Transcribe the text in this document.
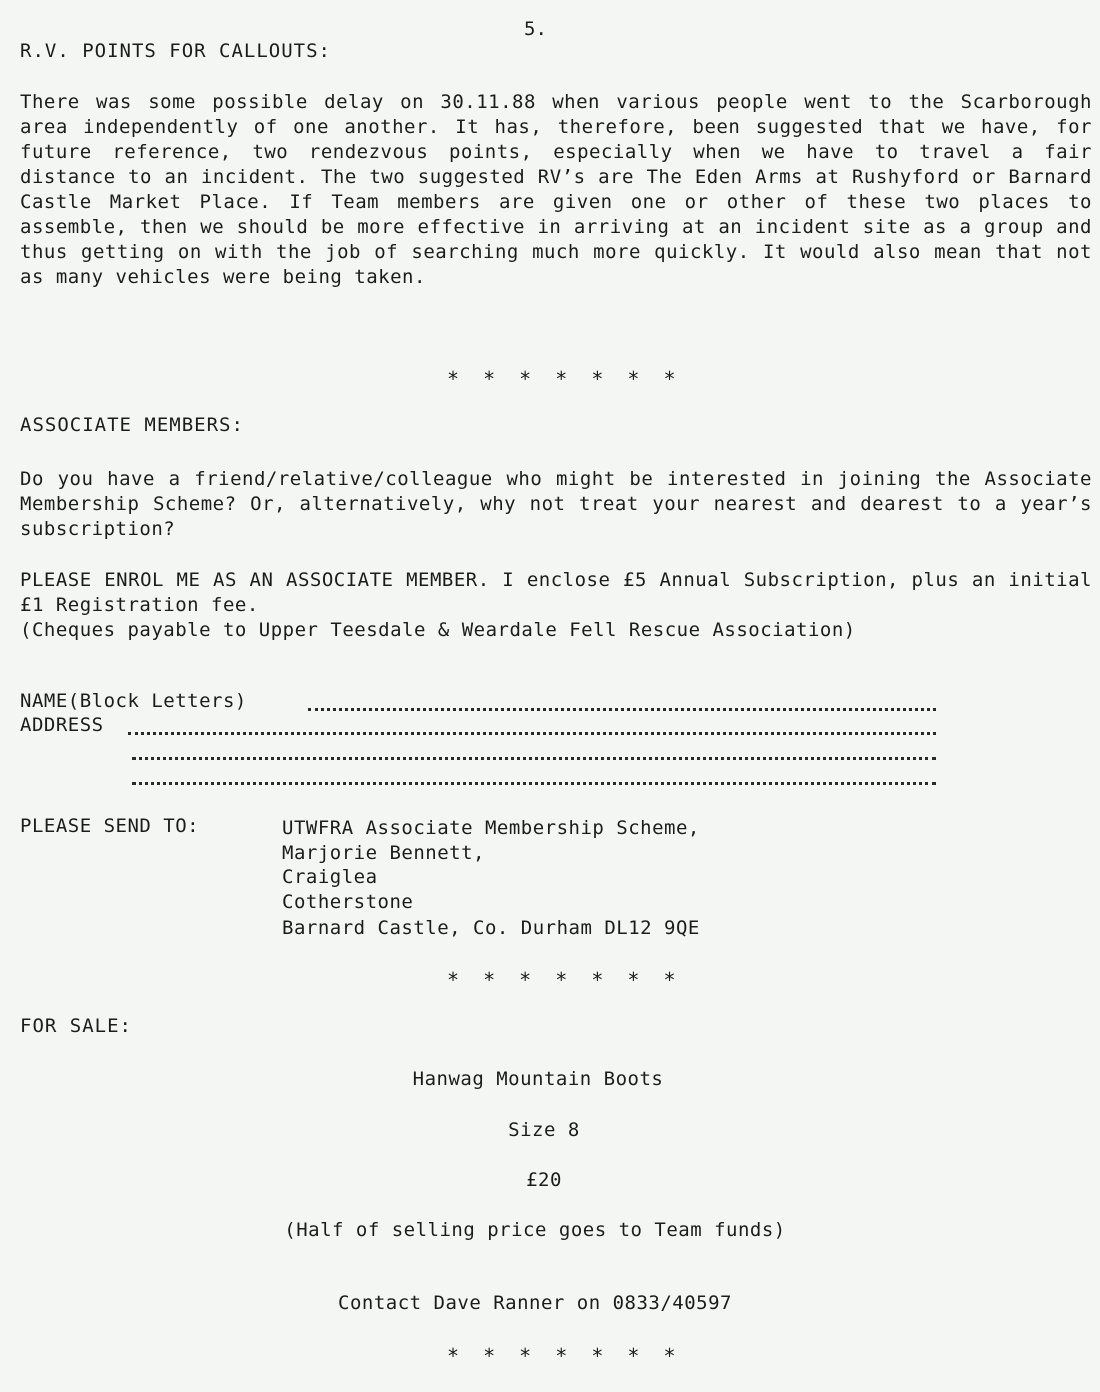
5.
R.V. POINTS FOR CALLOUTS:
There was some possible delay on 30.11.88 when various people went to the Scarborough area independently of one another. It has, therefore, been suggested that we have, for future reference, two rendezvous points, especially when we have to travel a fair distance to an incident. The two suggested RV’s are The Eden Arms at Rushyford or Barnard Castle Market Place. If Team members are given one or other of these two places to assemble, then we should be more effective in arriving at an incident site as a group and thus getting on with the job of searching much more quickly. It would also mean that not as many vehicles were being taken.
* * * * * * *
ASSOCIATE MEMBERS:
Do you have a friend/relative/colleague who might be interested in joining the Associate Membership Scheme? Or, alternatively, why not treat your nearest and dearest to a year’s subscription?
PLEASE ENROL ME AS AN ASSOCIATE MEMBER. I enclose £5 Annual Subscription, plus an initial £1 Registration fee.
(Cheques payable to Upper Teesdale & Weardale Fell Rescue Association)
NAME(Block Letters)
ADDRESS
PLEASE SEND TO:	UTWFRA Associate Membership Scheme,
Marjorie Bennett,
Craiglea
Cotherstone
Barnard Castle, Co. Durham DL12 9QE
* * * * * * *
FOR SALE:
Hanwag Mountain Boots
Size 8
£20
(Half of selling price goes to Team funds)
Contact Dave Ranner on 0833/40597
* * * * * * *
